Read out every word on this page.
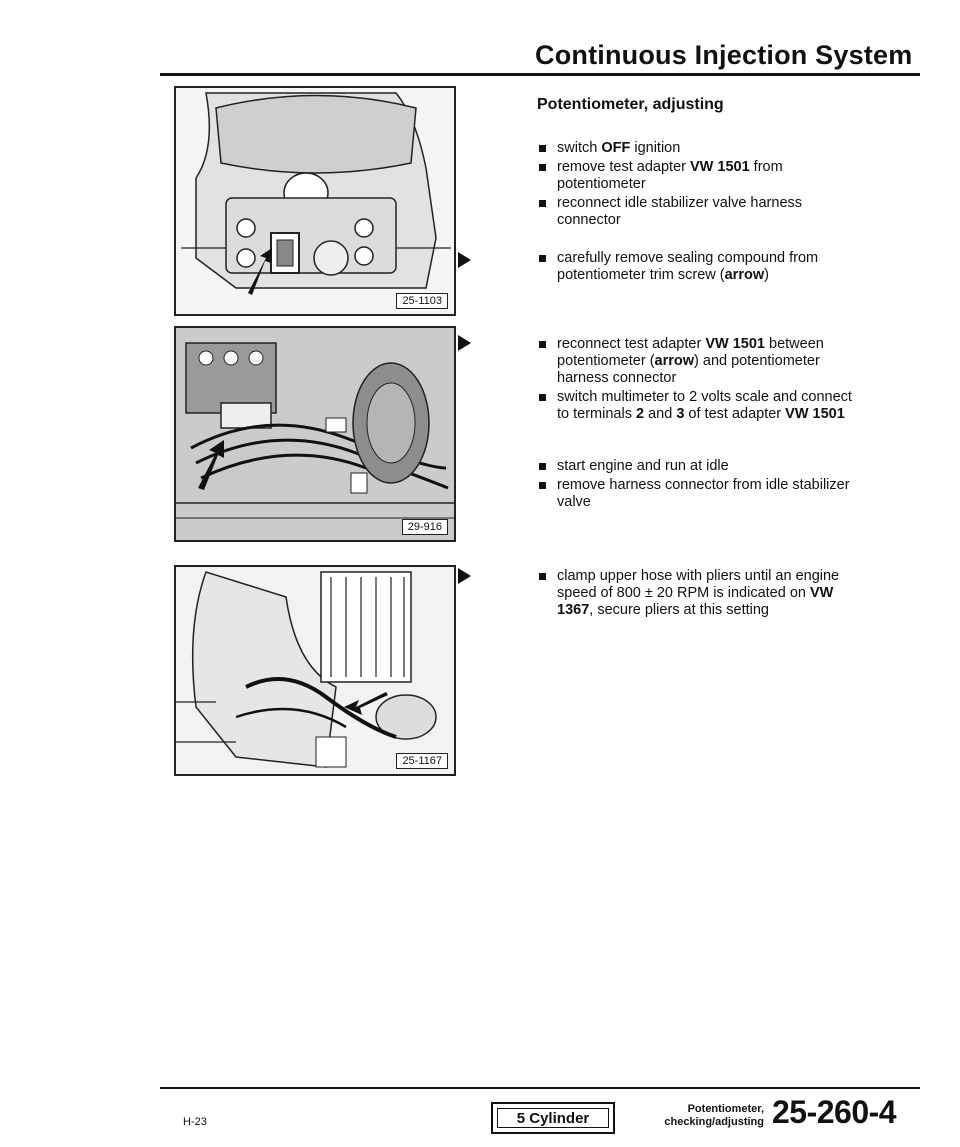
Continuous Injection System
Potentiometer, adjusting
25-1103
29-916
25-1167
switch OFF ignition
remove test adapter VW 1501 from potentiometer
reconnect idle stabilizer valve harness connector
carefully remove sealing compound from potentiometer trim screw (arrow)
reconnect test adapter VW 1501 between potentiometer (arrow) and potentiometer harness connector
switch multimeter to 2 volts scale and connect to terminals 2 and 3 of test adapter VW 1501
start engine and run at idle
remove harness connector from idle stabilizer valve
clamp upper hose with pliers until an engine speed of 800 ± 20 RPM is indicated on VW 1367, secure pliers at this setting
H-23	5 Cylinder
Potentiometer,
checking/adjusting 25-260-4
